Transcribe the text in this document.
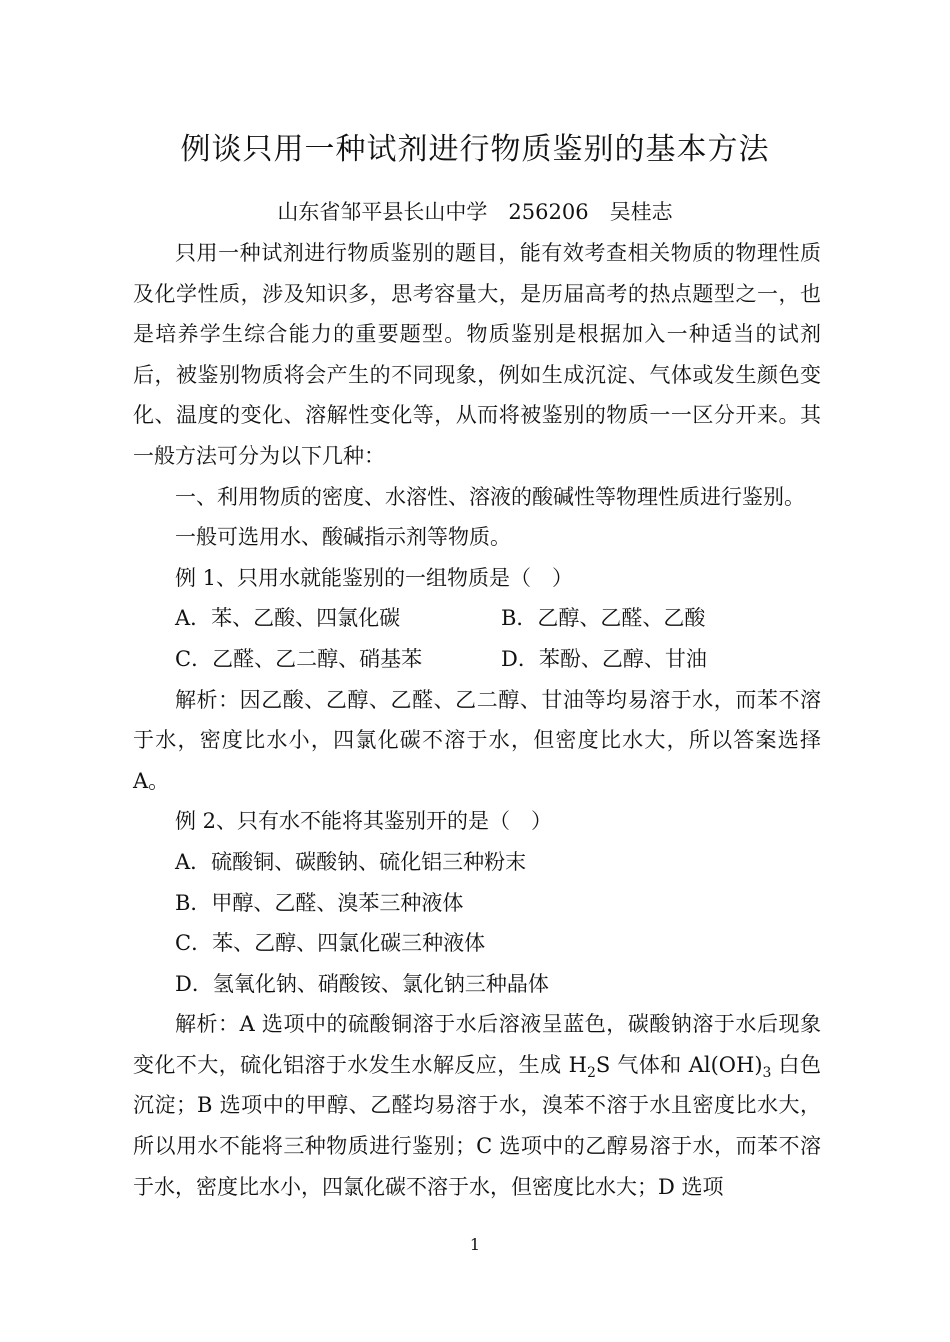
例谈只用一种试剂进行物质鉴别的基本方法
山东省邹平县长山中学　256206　吴桂志

只用一种试剂进行物质鉴别的题目，能有效考查相关物质的物理性质及化学性质，涉及知识多，思考容量大，是历届高考的热点题型之一，也是培养学生综合能力的重要题型。物质鉴别是根据加入一种适当的试剂后，被鉴别物质将会产生的不同现象，例如生成沉淀、气体或发生颜色变化、温度的变化、溶解性变化等，从而将被鉴别的物质一一区分开来。其一般方法可分为以下几种：

一、利用物质的密度、水溶性、溶液的酸碱性等物理性质进行鉴别。

一般可选用水、酸碱指示剂等物质。

例 1、只用水就能鉴别的一组物质是（　）

A．苯、乙酸、四氯化碳	B．乙醇、乙醛、乙酸
C．乙醛、乙二醇、硝基苯	D．苯酚、乙醇、甘油

解析：因乙酸、乙醇、乙醛、乙二醇、甘油等均易溶于水，而苯不溶于水，密度比水小，四氯化碳不溶于水，但密度比水大，所以答案选择 A。

例 2、只有水不能将其鉴别开的是（　）

A．硫酸铜、碳酸钠、硫化铝三种粉末

B．甲醇、乙醛、溴苯三种液体

C．苯、乙醇、四氯化碳三种液体

D．氢氧化钠、硝酸铵、氯化钠三种晶体

解析：A 选项中的硫酸铜溶于水后溶液呈蓝色，碳酸钠溶于水后现象变化不大，硫化铝溶于水发生水解反应，生成 $H_2S$ 气体和 $Al(OH)_3$ 白色沉淀；B 选项中的甲醇、乙醛均易溶于水，溴苯不溶于水且密度比水大，所以用水不能将三种物质进行鉴别；C 选项中的乙醇易溶于水，而苯不溶于水，密度比水小，四氯化碳不溶于水，但密度比水大；D 选项

1
